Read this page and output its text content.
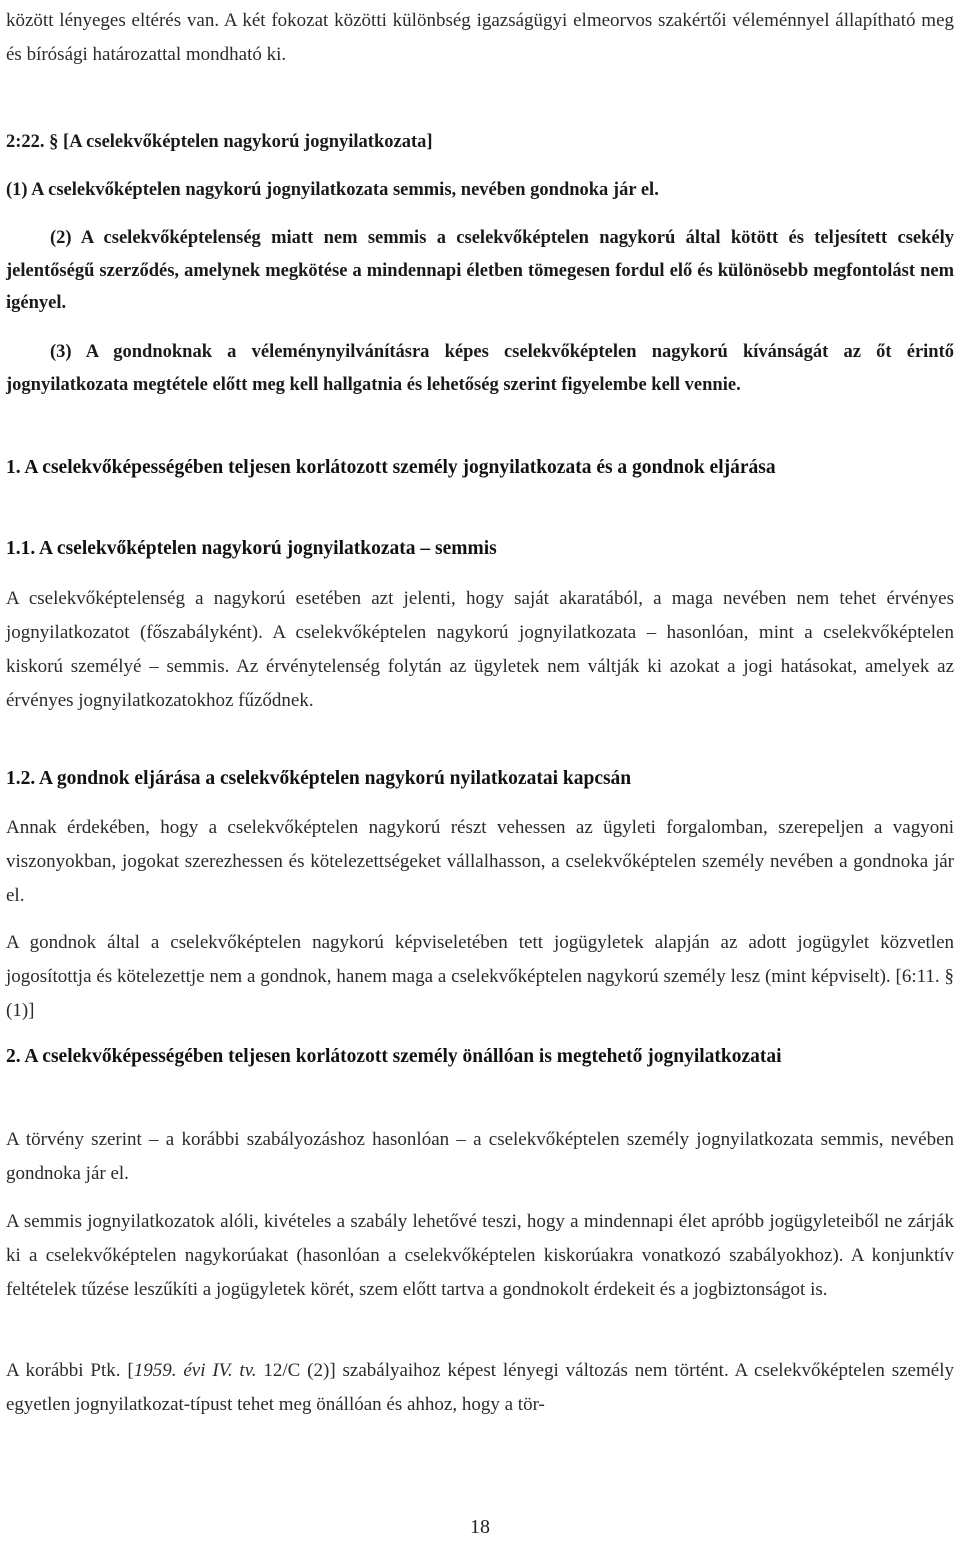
között lényeges eltérés van. A két fokozat közötti különbség igazságügyi elmeorvos szakértői véleménnyel állapítható meg és bírósági határozattal mondható ki.

2:22. § [A cselekvőképtelen nagykorú jognyilatkozata]

(1) A cselekvőképtelen nagykorú jognyilatkozata semmis, nevében gondnoka jár el.

(2) A cselekvőképtelenség miatt nem semmis a cselekvőképtelen nagykorú által kötött és teljesített csekély jelentőségű szerződés, amelynek megkötése a mindennapi életben tömegesen fordul elő és különösebb megfontolást nem igényel.

(3) A gondnoknak a véleménynyilvánításra képes cselekvőképtelen nagykorú kívánságát az őt érintő jognyilatkozata megtétele előtt meg kell hallgatnia és lehetőség szerint figyelembe kell vennie.

1. A cselekvőképességében teljesen korlátozott személy jognyilatkozata és a gondnok eljárása

1.1. A cselekvőképtelen nagykorú jognyilatkozata – semmis

A cselekvőképtelenség a nagykorú esetében azt jelenti, hogy saját akaratából, a maga nevében nem tehet érvényes jognyilatkozatot (főszabályként). A cselekvőképtelen nagykorú jognyilatkozata – hasonlóan, mint a cselekvőképtelen kiskorú személyé – semmis. Az érvénytelenség folytán az ügyletek nem váltják ki azokat a jogi hatásokat, amelyek az érvényes jognyilatkozatokhoz fűződnek.

1.2. A gondnok eljárása a cselekvőképtelen nagykorú nyilatkozatai kapcsán

Annak érdekében, hogy a cselekvőképtelen nagykorú részt vehessen az ügyleti forgalomban, szerepeljen a vagyoni viszonyokban, jogokat szerezhessen és kötelezettségeket vállalhasson, a cselekvőképtelen személy nevében a gondnoka jár el.

A gondnok által a cselekvőképtelen nagykorú képviseletében tett jogügyletek alapján az adott jogügylet közvetlen jogosítottja és kötelezettje nem a gondnok, hanem maga a cselekvőképtelen nagykorú személy lesz (mint képviselt). [6:11. § (1)]

2. A cselekvőképességében teljesen korlátozott személy önállóan is megtehető jognyilatkozatai

A törvény szerint – a korábbi szabályozáshoz hasonlóan – a cselekvőképtelen személy jognyilatkozata semmis, nevében gondnoka jár el.

A semmis jognyilatkozatok alóli, kivételes a szabály lehetővé teszi, hogy a mindennapi élet apróbb jogügyleteiből ne zárják ki a cselekvőképtelen nagykorúakat (hasonlóan a cselekvőképtelen kiskorúakra vonatkozó szabályokhoz). A konjunktív feltételek tűzése leszűkíti a jogügyletek körét, szem előtt tartva a gondnokolt érdekeit és a jogbiztonságot is.

A korábbi Ptk. [1959. évi IV. tv. 12/C (2)] szabályaihoz képest lényegi változás nem történt. A cselekvőképtelen személy egyetlen jognyilatkozat-típust tehet meg önállóan és ahhoz, hogy a tör-

18
